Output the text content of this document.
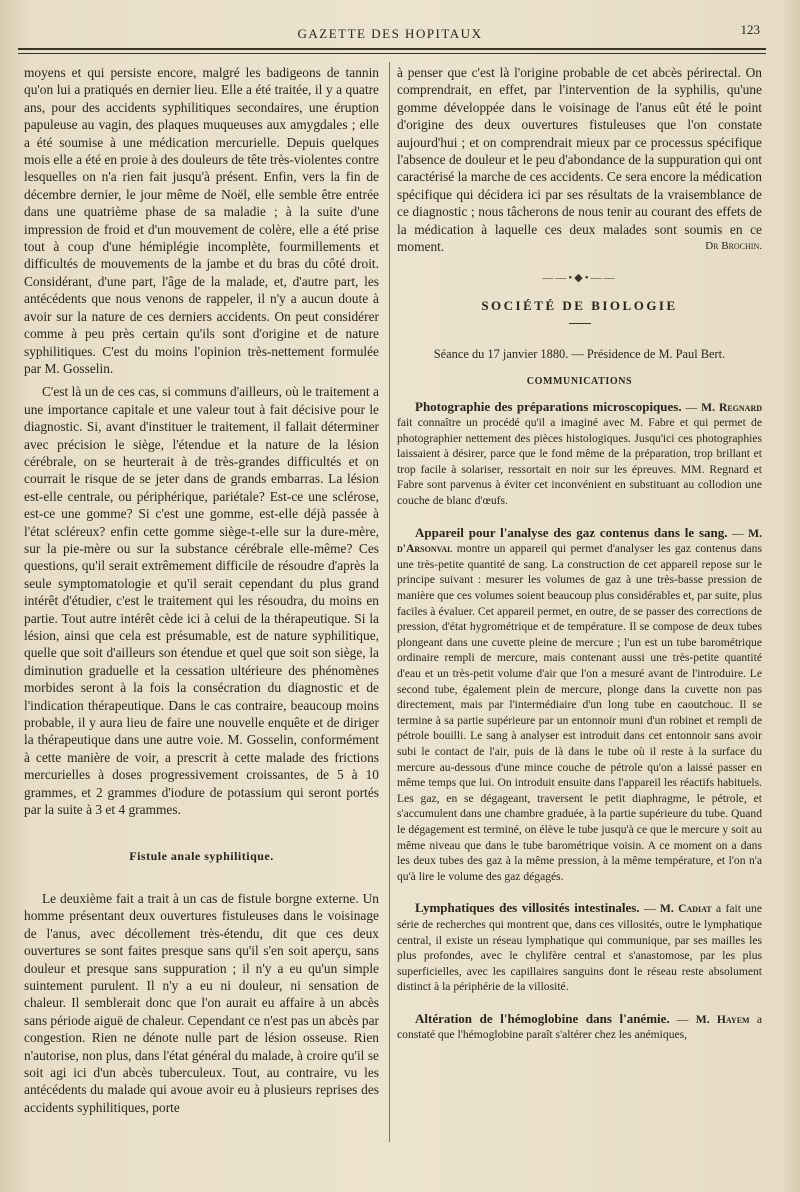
GAZETTE DES HOPITAUX	123

moyens et qui persiste encore, malgré les badigeons de tannin qu'on lui a pratiqués en dernier lieu. Elle a été traitée, il y a quatre ans, pour des accidents syphilitiques secondaires, une éruption papuleuse au vagin, des plaques muqueuses aux amygdales ; elle a été soumise à une médication mercurielle. Depuis quelques mois elle a été en proie à des douleurs de tête très-violentes contre lesquelles on n'a rien fait jusqu'à présent. Enfin, vers la fin de décembre dernier, le jour même de Noël, elle semble être entrée dans une quatrième phase de sa maladie ; à la suite d'une impression de froid et d'un mouvement de colère, elle a été prise tout à coup d'une hémiplégie incomplète, fourmillements et difficultés de mouvements de la jambe et du bras du côté droit. Considérant, d'une part, l'âge de la malade, et, d'autre part, les antécédents que nous venons de rappeler, il n'y a aucun doute à avoir sur la nature de ces derniers accidents. On peut considérer comme à peu près certain qu'ils sont d'origine et de nature syphilitiques. C'est du moins l'opinion très-nettement formulée par M. Gosselin.

C'est là un de ces cas, si communs d'ailleurs, où le traitement a une importance capitale et une valeur tout à fait décisive pour le diagnostic. Si, avant d'instituer le traitement, il fallait déterminer avec précision le siège, l'étendue et la nature de la lésion cérébrale, on se heurterait à de très-grandes difficultés et on courrait le risque de se jeter dans de grands embarras. La lésion est-elle centrale, ou périphérique, pariétale? Est-ce une sclérose, est-ce une gomme? Si c'est une gomme, est-elle déjà passée à l'état scléreux? enfin cette gomme siège-t-elle sur la dure-mère, sur la pie-mère ou sur la substance cérébrale elle-même? Ces questions, qu'il serait extrêmement difficile de résoudre d'après la seule symptomatologie et qu'il serait cependant du plus grand intérêt d'étudier, c'est le traitement qui les résoudra, du moins en partie. Tout autre intérêt cède ici à celui de la thérapeutique. Si la lésion, ainsi que cela est présumable, est de nature syphilitique, quelle que soit d'ailleurs son étendue et quel que soit son siège, la diminution graduelle et la cessation ultérieure des phénomènes morbides seront à la fois la consécration du diagnostic et de l'indication thérapeutique. Dans le cas contraire, beaucoup moins probable, il y aura lieu de faire une nouvelle enquête et de diriger la thérapeutique dans une autre voie. M. Gosselin, conformément à cette manière de voir, a prescrit à cette malade des frictions mercurielles à doses progressivement croissantes, de 5 à 10 grammes, et 2 grammes d'iodure de potassium qui seront portés par la suite à 3 et 4 grammes.

Fistule anale syphilitique.

Le deuxième fait a trait à un cas de fistule borgne externe. Un homme présentant deux ouvertures fistuleuses dans le voisinage de l'anus, avec décollement très-étendu, dit que ces deux ouvertures se sont faites presque sans qu'il s'en soit aperçu, sans douleur et presque sans suppuration ; il n'y a eu qu'un simple suintement purulent. Il n'y a eu ni douleur, ni sensation de chaleur. Il semblerait donc que l'on aurait eu affaire à un abcès sans période aiguë de chaleur. Cependant ce n'est pas un abcès par congestion. Rien ne dénote nulle part de lésion osseuse. Rien n'autorise, non plus, dans l'état général du malade, à croire qu'il se soit agi ici d'un abcès tuberculeux. Tout, au contraire, vu les antécédents du malade qui avoue avoir eu à plusieurs reprises des accidents syphilitiques, porte

à penser que c'est là l'origine probable de cet abcès périrectal. On comprendrait, en effet, par l'intervention de la syphilis, qu'une gomme développée dans le voisinage de l'anus eût été le point d'origine des deux ouvertures fistuleuses que l'on constate aujourd'hui ; et on comprendrait mieux par ce processus spécifique l'absence de douleur et le peu d'abondance de la suppuration qui ont caractérisé la marche de ces accidents. Ce sera encore la médication spécifique qui décidera ici par ses résultats de la vraisemblance de ce diagnostic ; nous tâcherons de nous tenir au courant des effets de la médication à laquelle ces deux malades sont soumis en ce moment.	Dr Brochin.
——•◆•——
SOCIÉTÉ DE BIOLOGIE
Séance du 17 janvier 1880. — Présidence de M. Paul Bert.
COMMUNICATIONS

Photographie des préparations microscopiques. — M. Regnard fait connaître un procédé qu'il a imaginé avec M. Fabre et qui permet de photographier nettement des pièces histologiques. Jusqu'ici ces photographies laissaient à désirer, parce que le fond même de la préparation, trop brillant et trop facile à solariser, ressortait en noir sur les épreuves. MM. Regnard et Fabre sont parvenus à éviter cet inconvénient en substituant au collodion une couche de blanc d'œufs.

Appareil pour l'analyse des gaz contenus dans le sang. — M. d'Arsonval montre un appareil qui permet d'analyser les gaz contenus dans une très-petite quantité de sang. La construction de cet appareil repose sur le principe suivant : mesurer les volumes de gaz à une très-basse pression de manière que ces volumes soient beaucoup plus considérables et, par suite, plus faciles à évaluer. Cet appareil permet, en outre, de se passer des corrections de pression, d'état hygrométrique et de température. Il se compose de deux tubes plongeant dans une cuvette pleine de mercure ; l'un est un tube barométrique ordinaire rempli de mercure, mais contenant aussi une très-petite quantité d'eau et un très-petit volume d'air que l'on a mesuré avant de l'introduire. Le second tube, également plein de mercure, plonge dans la cuvette non pas directement, mais par l'intermédiaire d'un long tube en caoutchouc. Il se termine à sa partie supérieure par un entonnoir muni d'un robinet et rempli de pétrole bouilli. Le sang à analyser est introduit dans cet entonnoir sans avoir subi le contact de l'air, puis de là dans le tube où il reste à la surface du mercure au-dessous d'une mince couche de pétrole qu'on a laissé passer en même temps que lui. On introduit ensuite dans l'appareil les réactifs habituels. Les gaz, en se dégageant, traversent le petit diaphragme, le pétrole, et s'accumulent dans une chambre graduée, à la partie supérieure du tube. Quand le dégagement est terminé, on élève le tube jusqu'à ce que le mercure y soit au même niveau que dans le tube barométrique voisin. A ce moment on a dans les deux tubes des gaz à la même pression, à la même température, et l'on n'a qu'à lire le volume des gaz dégagés.

Lymphatiques des villosités intestinales. — M. Cadiat a fait une série de recherches qui montrent que, dans ces villosités, outre le lymphatique central, il existe un réseau lymphatique qui communique, par ses mailles les plus profondes, avec le chylifère central et s'anastomose, par les plus superficielles, avec les capillaires sanguins dont le réseau reste absolument distinct à la périphérie de la villosité.

Altération de l'hémoglobine dans l'anémie. — M. Hayem a constaté que l'hémoglobine paraît s'altérer chez les anémiques,
